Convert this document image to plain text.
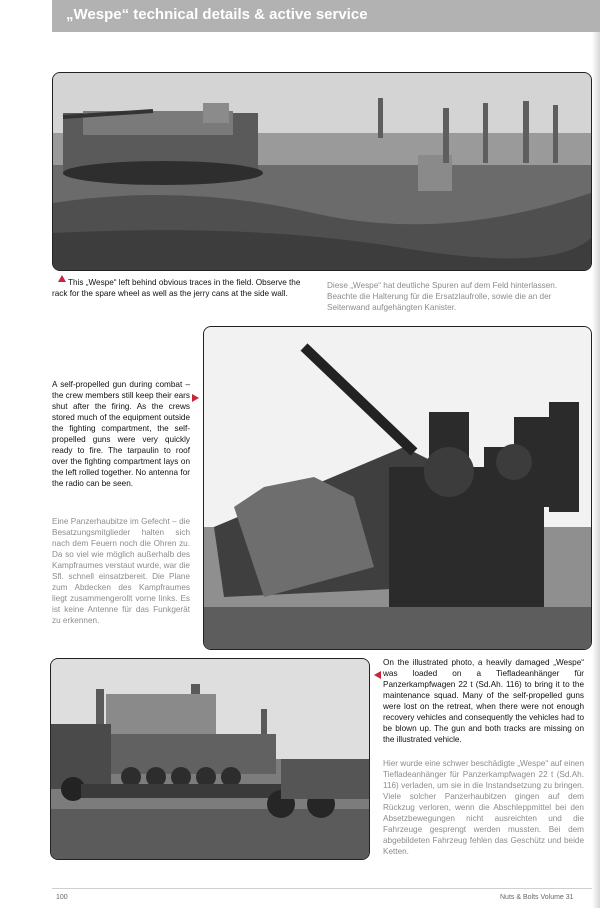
„Wespe“ technical details & active service

This „Wespe“ left behind obvious traces in the field. Observe the rack for the spare wheel as well as the jerry cans at the side wall.

Diese „Wespe“ hat deutliche Spuren auf dem Feld hinterlassen. Beachte die Halterung für die Ersatzlaufrolle, sowie die an der Seitenwand aufgehängten Kanister.

A self-propelled gun during combat – the crew members still keep their ears shut after the firing. As the crews stored much of the equipment outside the fighting compartment, the self-propelled guns were very quickly ready to fire. The tarpaulin to roof over the fighting compartment lays on the left rolled together. No antenna for the radio can be seen.

Eine Panzerhaubitze im Gefecht – die Besatzungsmitglieder halten sich nach dem Feuern noch die Ohren zu. Da so viel wie möglich außerhalb des Kampfraumes verstaut wurde, war die Sfl. schnell einsatzbereit. Die Plane zum Abdecken des Kampfraumes liegt zusammengerollt vorne links. Es ist keine Antenne für das Funkgerät zu erkennen.

On the illustrated photo, a heavily damaged „Wespe“ was loaded on a Tiefladeanhänger für Panzerkampfwagen 22 t (Sd.Ah. 116) to bring it to the maintenance squad. Many of the self-propelled guns were lost on the retreat, when there were not enough recovery vehicles and consequently the vehicles had to be blown up. The gun and both tracks are missing on the illustrated vehicle.

Hier wurde eine schwer beschädigte „Wespe“ auf einen Tiefladeanhänger für Panzerkampfwagen 22 t (Sd.Ah. 116) verladen, um sie in die Instandsetzung zu bringen. Viele solcher Panzerhaubitzen gingen auf dem Rückzug verloren, wenn die Abschleppmittel bei den Absetzbewegungen nicht ausreichten und die Fahrzeuge gesprengt werden mussten. Bei dem abgebildeten Fahrzeug fehlen das Geschütz und beide Ketten.

100	Nuts & Bolts Volume 31
